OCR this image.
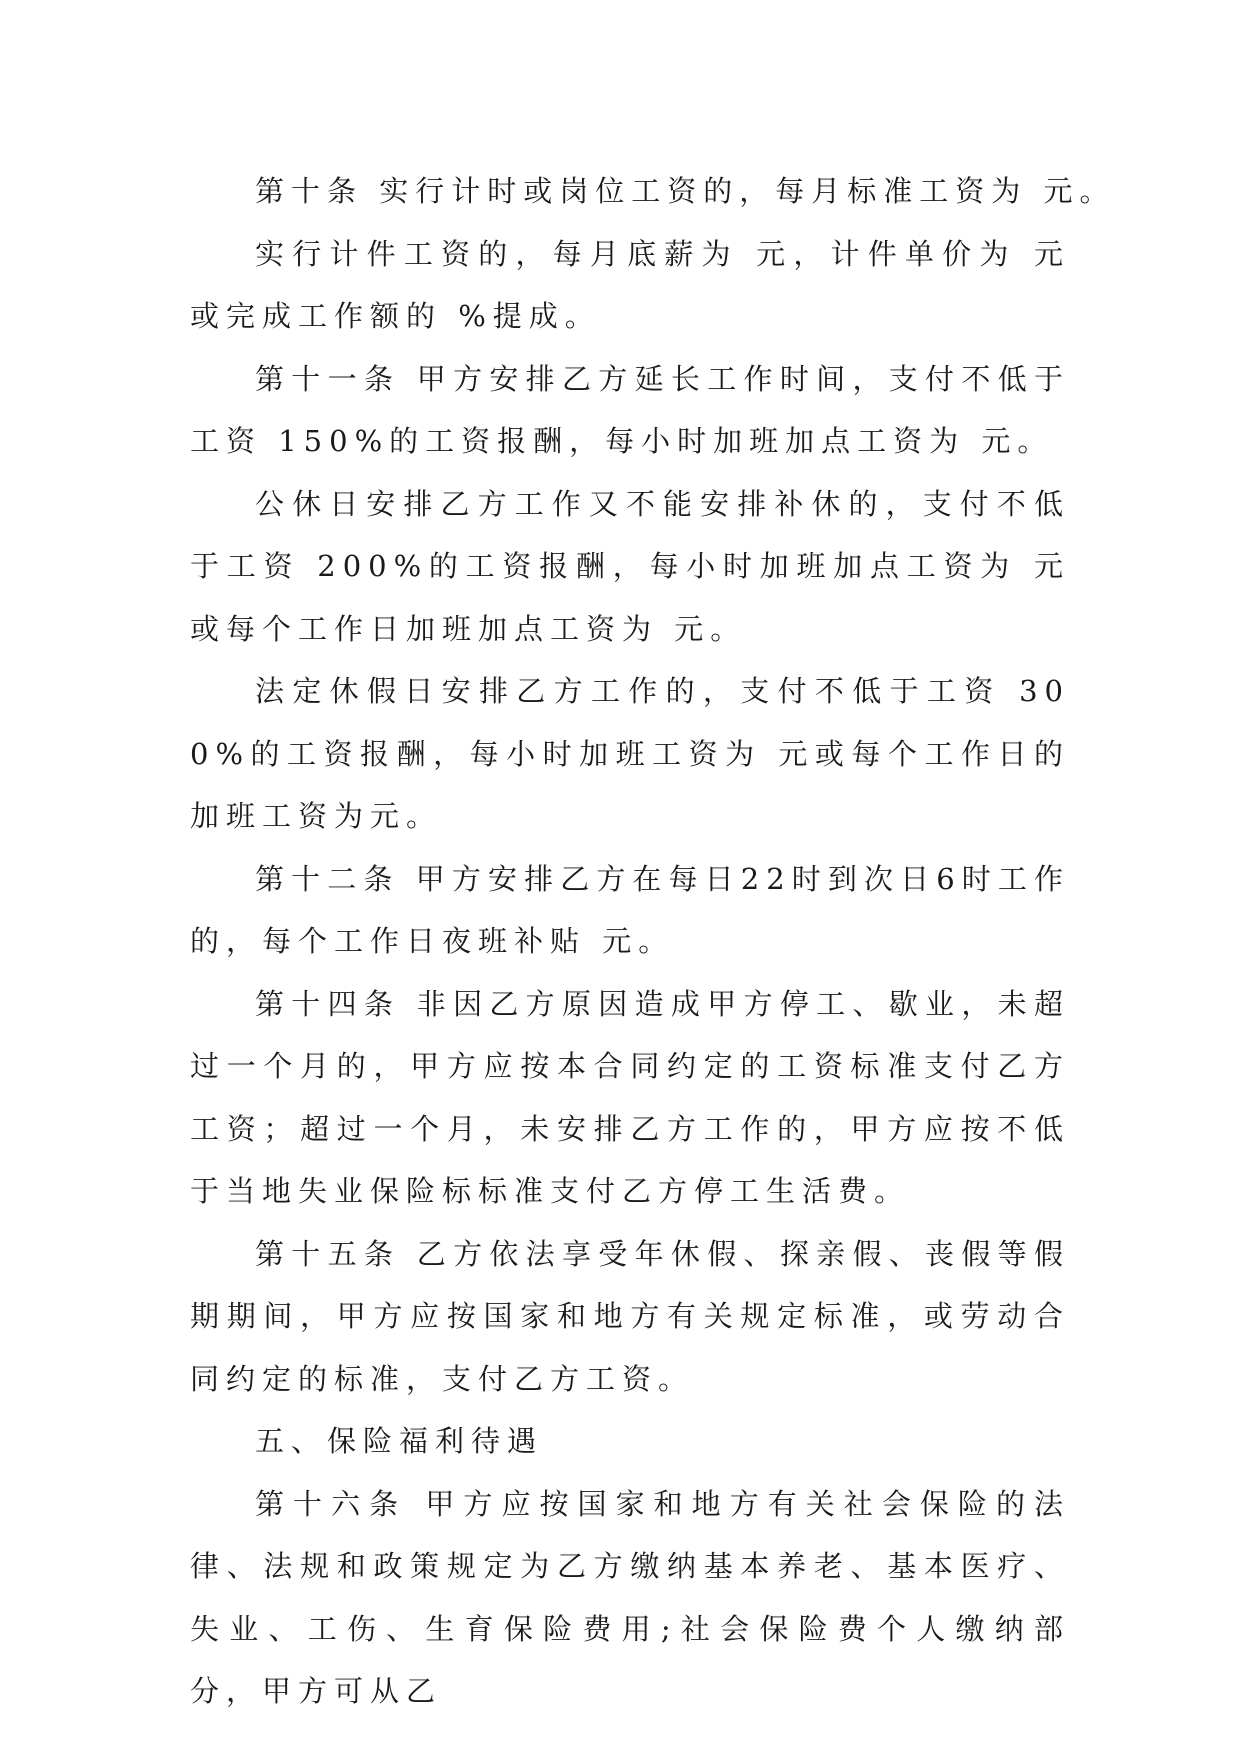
第十条 实行计时或岗位工资的，每月标准工资为 元。

实行计件工资的，每月底薪为 元，计件单价为 元或完成工作额的 %提成。

第十一条 甲方安排乙方延长工作时间，支付不低于工资 150%的工资报酬，每小时加班加点工资为 元。

公休日安排乙方工作又不能安排补休的，支付不低于工资 200%的工资报酬，每小时加班加点工资为 元或每个工作日加班加点工资为 元。

法定休假日安排乙方工作的，支付不低于工资 300%的工资报酬，每小时加班工资为 元或每个工作日的加班工资为元。

第十二条 甲方安排乙方在每日22时到次日6时工作的，每个工作日夜班补贴 元。

第十四条 非因乙方原因造成甲方停工、歇业，未超过一个月的，甲方应按本合同约定的工资标准支付乙方工资；超过一个月，未安排乙方工作的，甲方应按不低于当地失业保险标标准支付乙方停工生活费。

第十五条 乙方依法享受年休假、探亲假、丧假等假期期间，甲方应按国家和地方有关规定标准，或劳动合同约定的标准，支付乙方工资。

五、保险福利待遇

第十六条 甲方应按国家和地方有关社会保险的法律、法规和政策规定为乙方缴纳基本养老、基本医疗、失业、工伤、生育保险费用;社会保险费个人缴纳部分，甲方可从乙
